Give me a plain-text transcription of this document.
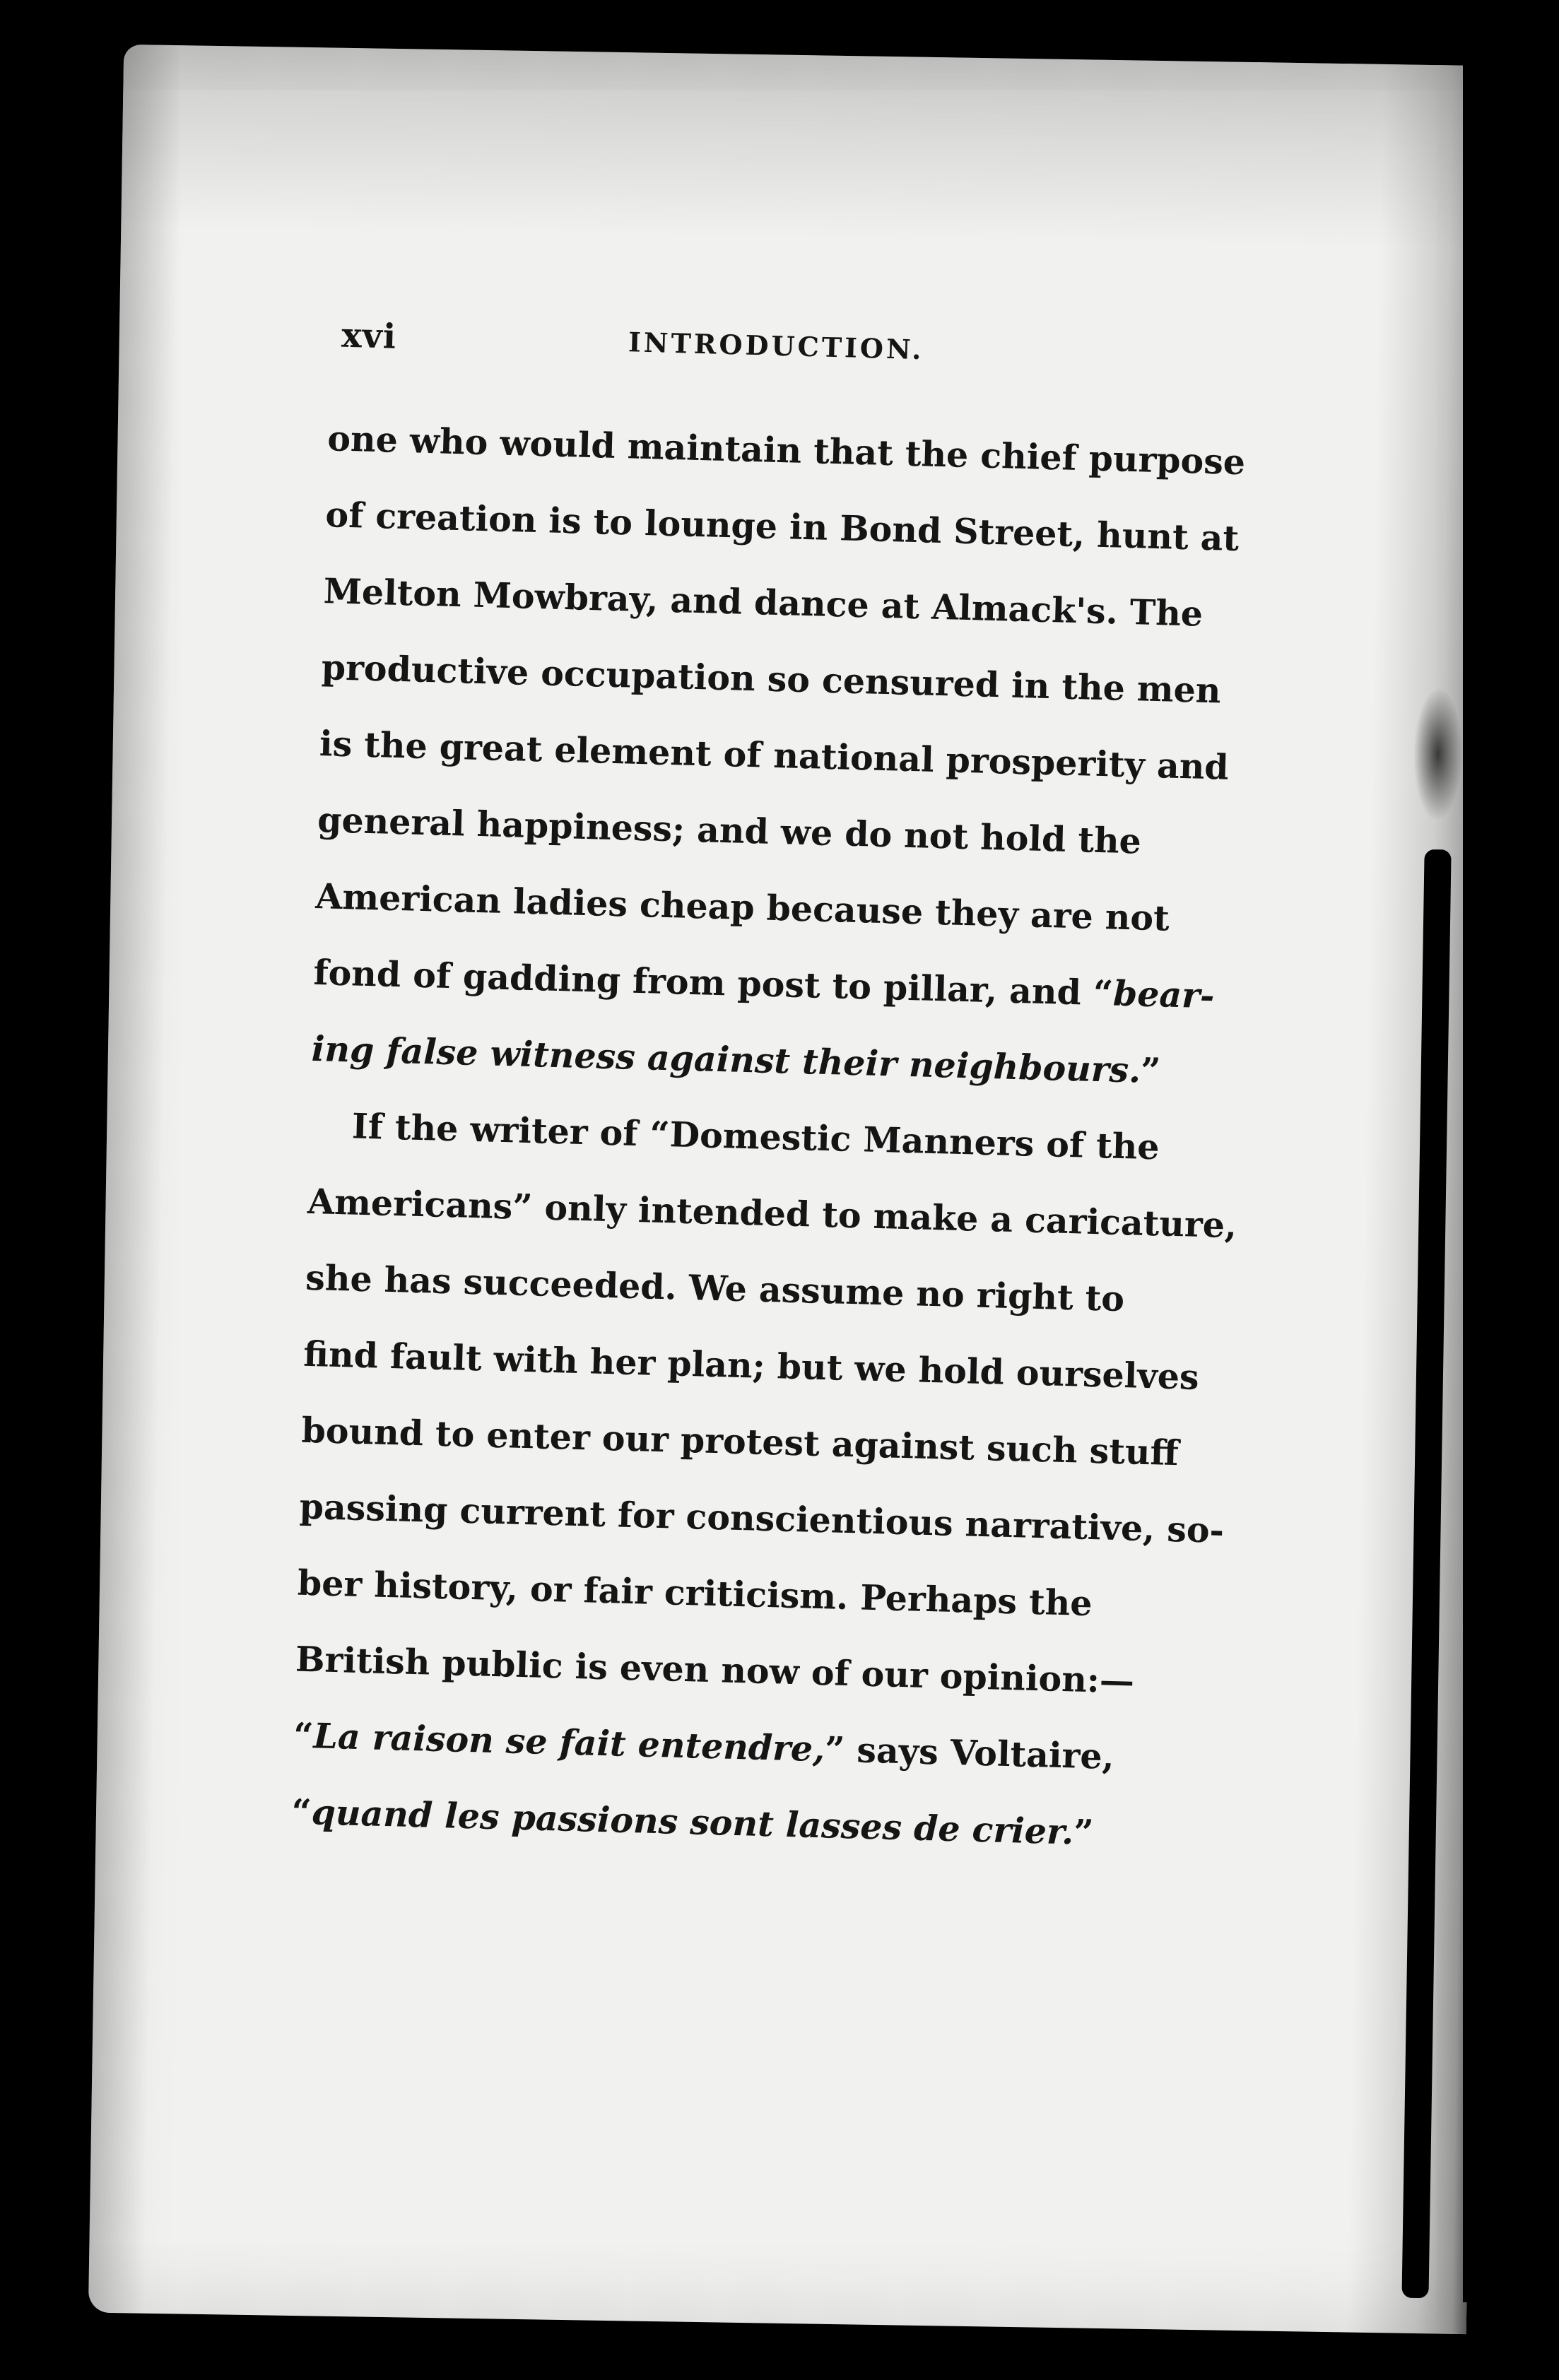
xvi	INTRODUCTION.
one who would maintain that the chief purpose
of creation is to lounge in Bond Street, hunt at
Melton Mowbray, and dance at Almack's. The
productive occupation so censured in the men
is the great element of national prosperity and
general happiness; and we do not hold the
American ladies cheap because they are not
fond of gadding from post to pillar, and “bear-
ing false witness against their neighbours.”
If the writer of “Domestic Manners of the
Americans” only intended to make a caricature,
she has succeeded. We assume no right to
find fault with her plan; but we hold ourselves
bound to enter our protest against such stuff
passing current for conscientious narrative, so-
ber history, or fair criticism. Perhaps the
British public is even now of our opinion:—
“La raison se fait entendre,” says Voltaire,
“quand les passions sont lasses de crier.”
